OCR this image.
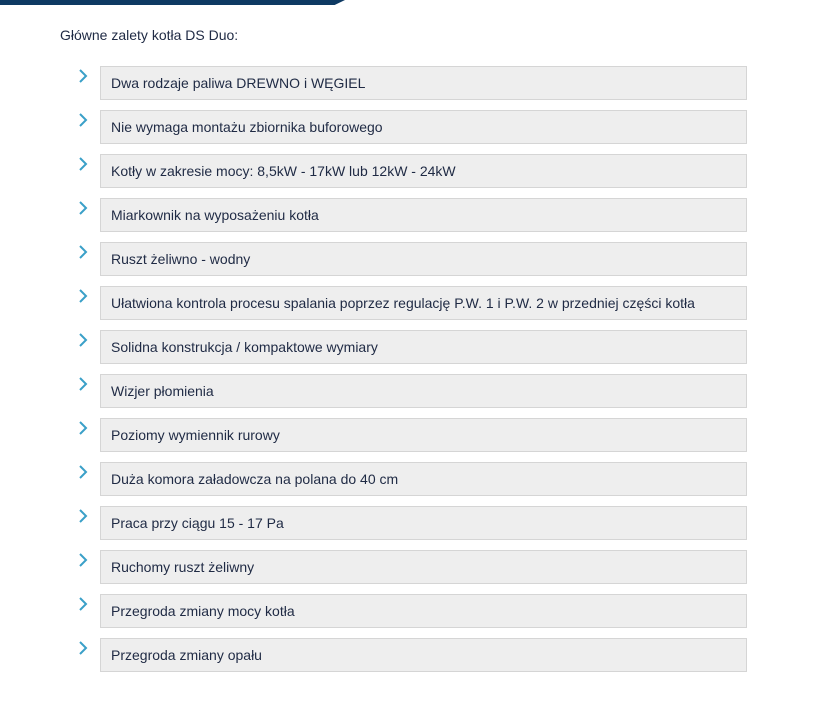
Główne zalety kotła DS Duo:
Dwa rodzaje paliwa DREWNO i WĘGIEL
Nie wymaga montażu zbiornika buforowego
Kotły w zakresie mocy: 8,5kW - 17kW lub 12kW - 24kW
Miarkownik na wyposażeniu kotła
Ruszt żeliwno - wodny
Ułatwiona kontrola procesu spalania poprzez regulację P.W. 1 i P.W. 2 w przedniej części kotła
Solidna konstrukcja / kompaktowe wymiary
Wizjer płomienia
Poziomy wymiennik rurowy
Duża komora załadowcza na polana do 40 cm
Praca przy ciągu 15 - 17 Pa
Ruchomy ruszt żeliwny
Przegroda zmiany mocy kotła
Przegroda zmiany opału
